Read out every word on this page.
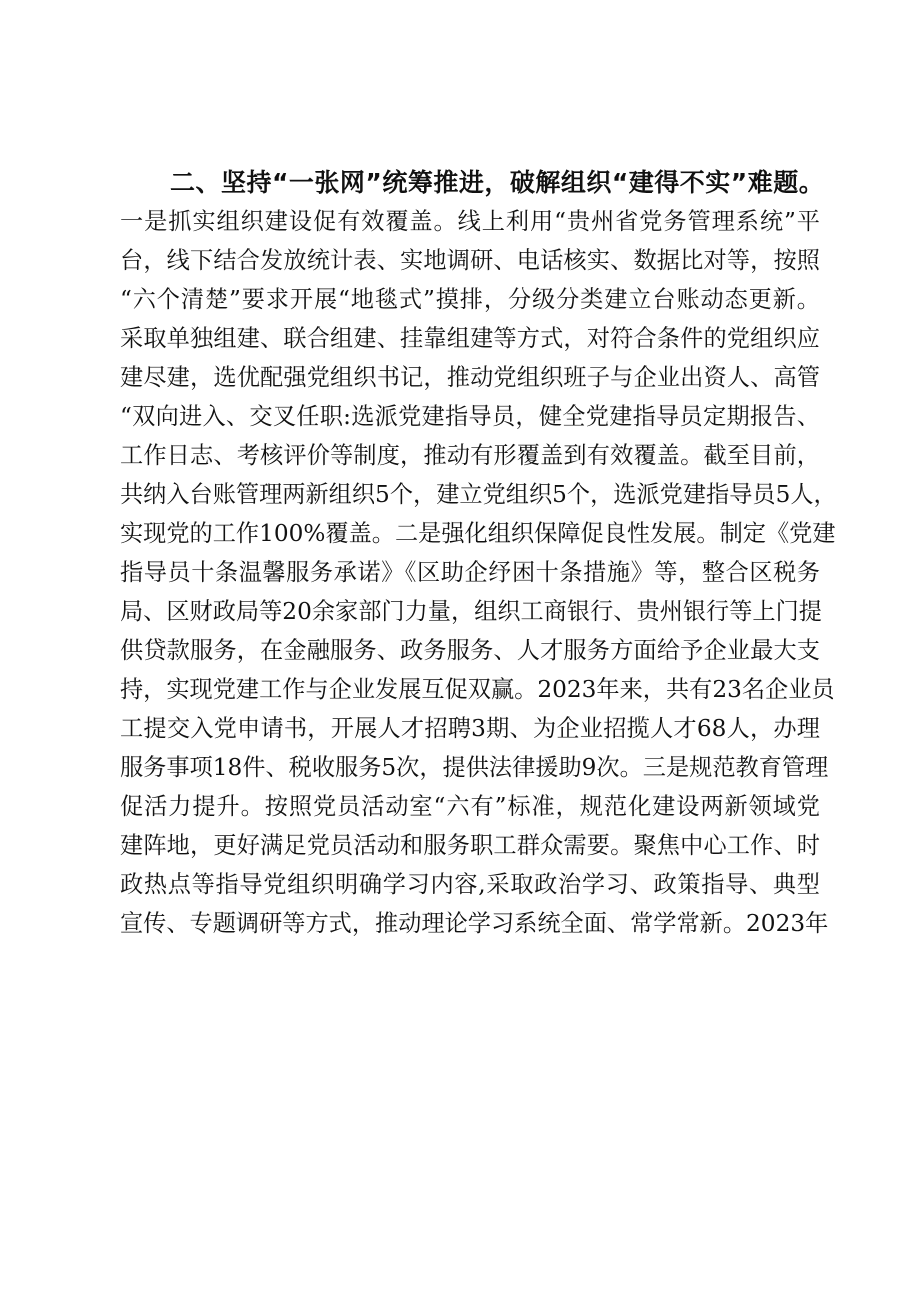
二、坚持“一张网”统筹推进，破解组织“建得不实”难题。
一是抓实组织建设促有效覆盖。线上利用“贵州省党务管理系统”平
台，线下结合发放统计表、实地调研、电话核实、数据比对等，按照
“六个清楚”要求开展“地毯式”摸排，分级分类建立台账动态更新。
采取单独组建、联合组建、挂靠组建等方式，对符合条件的党组织应
建尽建，选优配强党组织书记，推动党组织班子与企业出资人、高管
“双向进入、交叉任职:选派党建指导员，健全党建指导员定期报告、
工作日志、考核评价等制度，推动有形覆盖到有效覆盖。截至目前，
共纳入台账管理两新组织5个，建立党组织5个，选派党建指导员5人，
实现党的工作100%覆盖。二是强化组织保障促良性发展。制定《党建
指导员十条温馨服务承诺》《区助企纾困十条措施》等，整合区税务
局、区财政局等20余家部门力量，组织工商银行、贵州银行等上门提
供贷款服务，在金融服务、政务服务、人才服务方面给予企业最大支
持，实现党建工作与企业发展互促双赢。2023年来，共有23名企业员
工提交入党申请书，开展人才招聘3期、为企业招揽人才68人，办理
服务事项18件、税收服务5次，提供法律援助9次。三是规范教育管理
促活力提升。按照党员活动室“六有”标准，规范化建设两新领域党
建阵地，更好满足党员活动和服务职工群众需要。聚焦中心工作、时
政热点等指导党组织明确学习内容,采取政治学习、政策指导、典型
宣传、专题调研等方式，推动理论学习系统全面、常学常新。2023年
